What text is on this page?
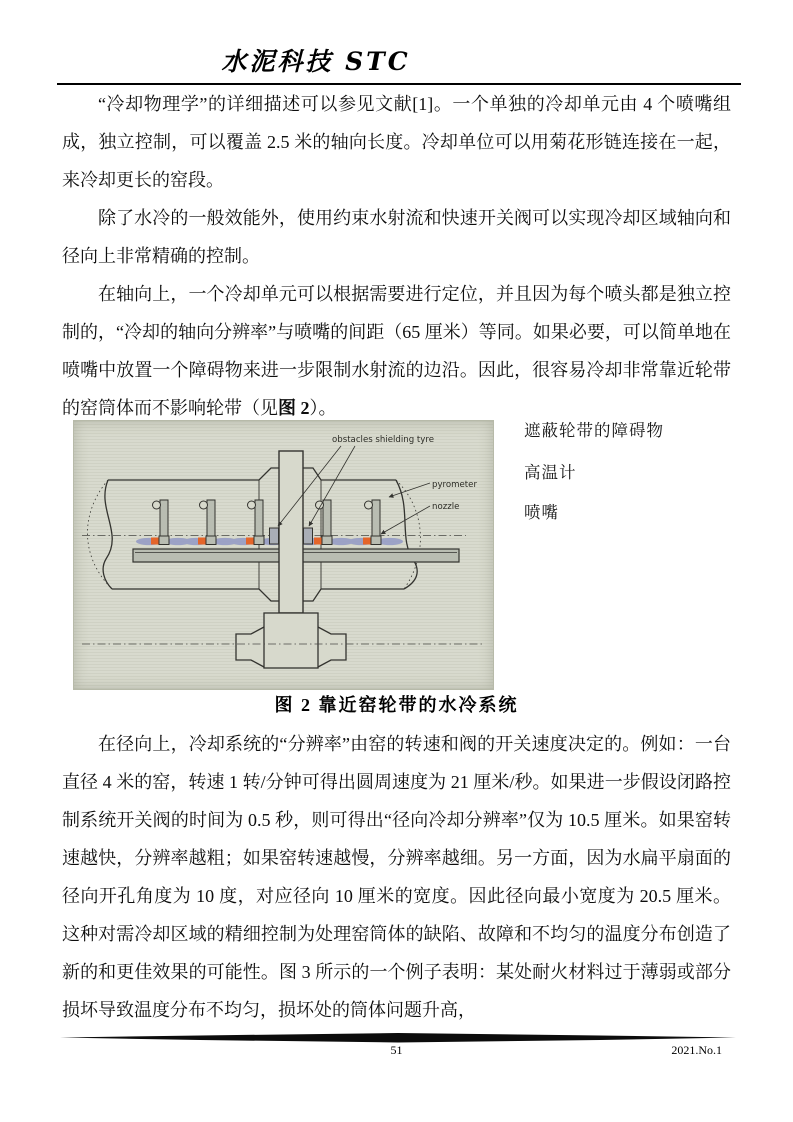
水泥科技 STC

“冷却物理学”的详细描述可以参见文献[1]。一个单独的冷却单元由 4 个喷嘴组成，独立控制，可以覆盖 2.5 米的轴向长度。冷却单位可以用菊花形链连接在一起，来冷却更长的窑段。

除了水冷的一般效能外，使用约束水射流和快速开关阀可以实现冷却区域轴向和径向上非常精确的控制。

在轴向上，一个冷却单元可以根据需要进行定位，并且因为每个喷头都是独立控制的，“冷却的轴向分辨率”与喷嘴的间距（65 厘米）等同。如果必要，可以简单地在喷嘴中放置一个障碍物来进一步限制水射流的边沿。因此，很容易冷却非常靠近轮带的窑筒体而不影响轮带（见图 2）。

obstacles shielding tyre
pyrometer
nozzle
遮蔽轮带的障碍物
高温计
喷嘴
图 2 靠近窑轮带的水冷系统

在径向上，冷却系统的“分辨率”由窑的转速和阀的开关速度决定的。例如：一台直径 4 米的窑，转速 1 转/分钟可得出圆周速度为 21 厘米/秒。如果进一步假设闭路控制系统开关阀的时间为 0.5 秒，则可得出“径向冷却分辨率”仅为 10.5 厘米。如果窑转速越快，分辨率越粗；如果窑转速越慢，分辨率越细。另一方面，因为水扁平扇面的径向开孔角度为 10 度，对应径向 10 厘米的宽度。因此径向最小宽度为 20.5 厘米。这种对需冷却区域的精细控制为处理窑筒体的缺陷、故障和不均匀的温度分布创造了新的和更佳效果的可能性。图 3 所示的一个例子表明：某处耐火材料过于薄弱或部分损坏导致温度分布不均匀，损坏处的筒体问题升高，

51	2021.No.1
